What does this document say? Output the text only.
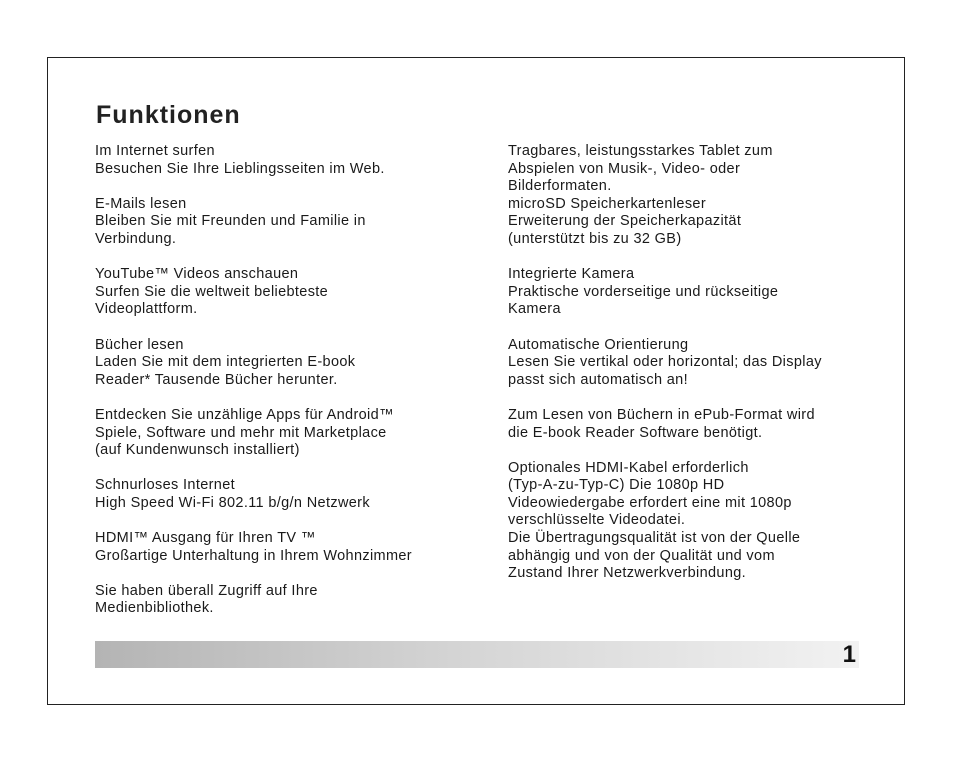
Funktionen
Im Internet surfen
Besuchen Sie Ihre Lieblingsseiten im Web.
E-Mails lesen
Bleiben Sie mit Freunden und Familie in
Verbindung.
YouTube™ Videos anschauen
Surfen Sie die weltweit beliebteste
Videoplattform.
Bücher lesen
Laden Sie mit dem integrierten E-book
Reader* Tausende Bücher herunter.
Entdecken Sie unzählige Apps für Android™
Spiele, Software und mehr mit Marketplace
(auf Kundenwunsch installiert)
Schnurloses Internet
High Speed Wi-Fi 802.11 b/g/n Netzwerk
HDMI™ Ausgang für Ihren TV ™
Großartige Unterhaltung in Ihrem Wohnzimmer
Sie haben überall Zugriff auf Ihre
Medienbibliothek.
Tragbares, leistungsstarkes Tablet zum
Abspielen von Musik-, Video- oder
Bilderformaten.
microSD Speicherkartenleser
Erweiterung der Speicherkapazität
(unterstützt bis zu 32 GB)
Integrierte Kamera
Praktische vorderseitige und rückseitige
Kamera
Automatische Orientierung
Lesen Sie vertikal oder horizontal; das Display
passt sich automatisch an!
Zum Lesen von Büchern in ePub-Format wird
die E-book Reader Software benötigt.
Optionales HDMI-Kabel erforderlich
(Typ-A-zu-Typ-C) Die 1080p HD
Videowiedergabe erfordert eine mit 1080p
verschlüsselte Videodatei.
Die Übertragungsqualität ist von der Quelle
abhängig und von der Qualität und vom
Zustand Ihrer Netzwerkverbindung.
1
